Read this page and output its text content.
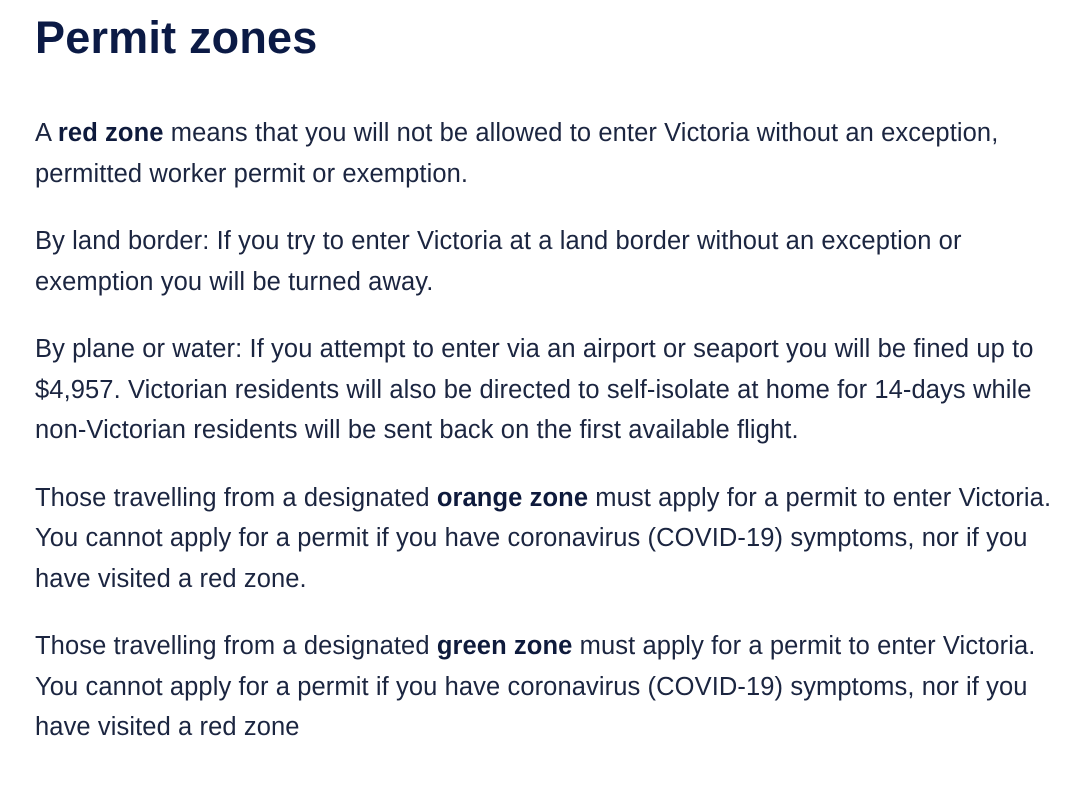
Permit zones

A red zone means that you will not be allowed to enter Victoria without an exception, permitted worker permit or exemption.

By land border: If you try to enter Victoria at a land border without an exception or exemption you will be turned away.

By plane or water: If you attempt to enter via an airport or seaport you will be fined up to $4,957. Victorian residents will also be directed to self-isolate at home for 14-days while non-Victorian residents will be sent back on the first available flight.

Those travelling from a designated orange zone must apply for a permit to enter Victoria. You cannot apply for a permit if you have coronavirus (COVID-19) symptoms, nor if you have visited a red zone.

Those travelling from a designated green zone must apply for a permit to enter Victoria. You cannot apply for a permit if you have coronavirus (COVID-19) symptoms, nor if you have visited a red zone
